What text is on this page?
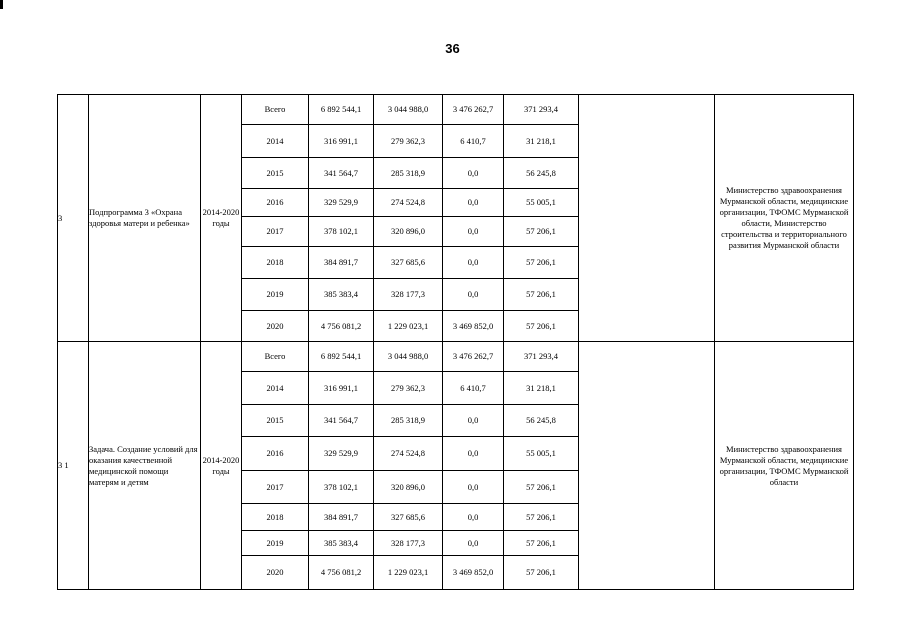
36
3	Подпрограмма 3 «Охрана здоровья матери и ребенка»	2014-2020 годы	Всего	6 892 544,1	3 044 988,0	3 476 262,7	371 293,4		Министерство здравоохранения Мурманской области, медицинские организации, ТФОМС Мурманской области, Министерство строительства и территориального развития Мурманской области
			2014	316 991,1	279 362,3	6 410,7	31 218,1		
			2015	341 564,7	285 318,9	0,0	56 245,8		
			2016	329 529,9	274 524,8	0,0	55 005,1		
			2017	378 102,1	320 896,0	0,0	57 206,1		
			2018	384 891,7	327 685,6	0,0	57 206,1		
			2019	385 383,4	328 177,3	0,0	57 206,1		
			2020	4 756 081,2	1 229 023,1	3 469 852,0	57 206,1		
3 1	Задача. Создание условий для оказания качественной медицинской помощи матерям и детям	2014-2020 годы	Всего	6 892 544,1	3 044 988,0	3 476 262,7	371 293,4		Министерство здравоохранения Мурманской области, медицинские организации, ТФОМС Мурманской области
			2014	316 991,1	279 362,3	6 410,7	31 218,1		
			2015	341 564,7	285 318,9	0,0	56 245,8		
			2016	329 529,9	274 524,8	0,0	55 005,1		
			2017	378 102,1	320 896,0	0,0	57 206,1		
			2018	384 891,7	327 685,6	0,0	57 206,1		
			2019	385 383,4	328 177,3	0,0	57 206,1		
			2020	4 756 081,2	1 229 023,1	3 469 852,0	57 206,1		
